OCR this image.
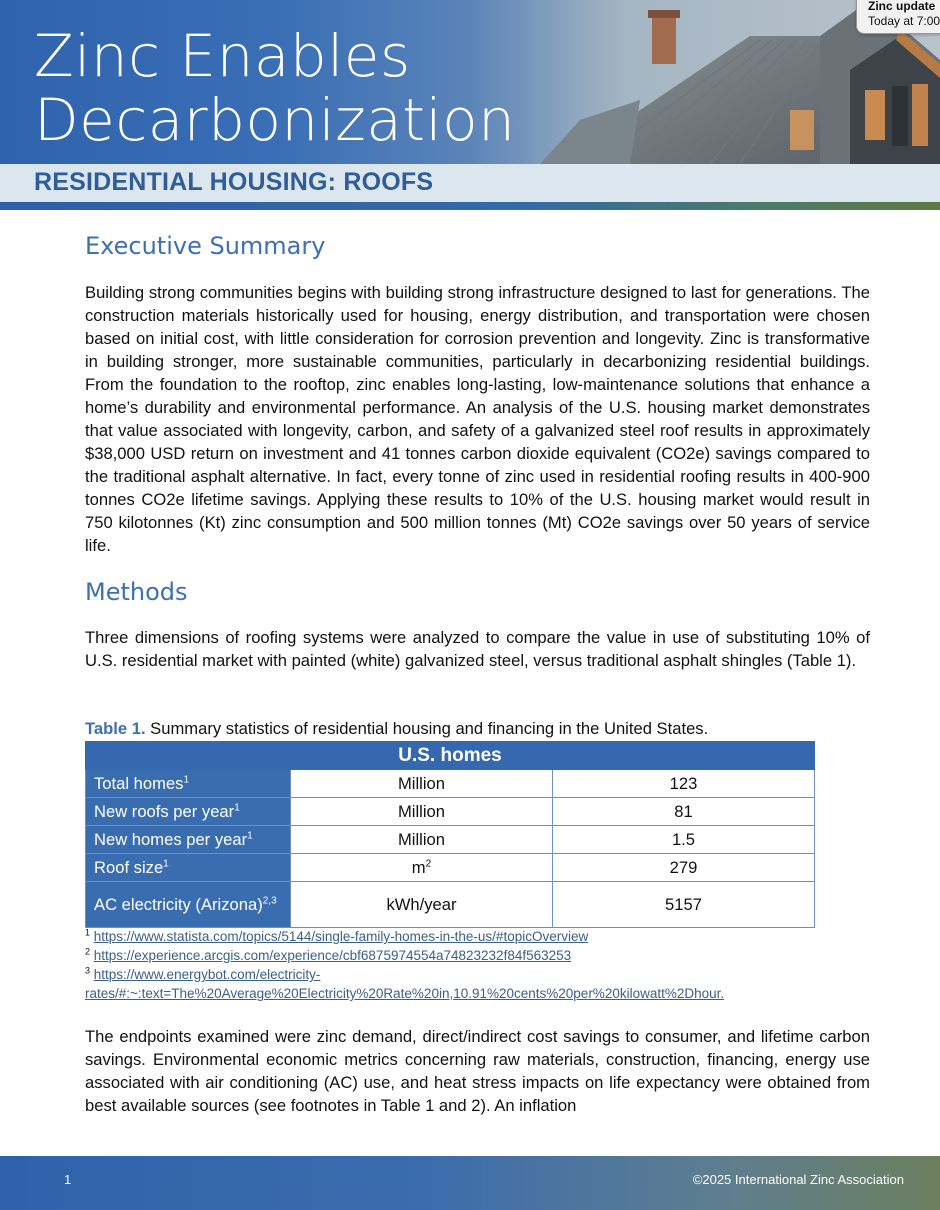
Zinc Enables
Decarbonization
Zinc update
Today at 7:00
RESIDENTIAL HOUSING: ROOFS
Executive Summary

Building strong communities begins with building strong infrastructure designed to last for generations. The construction materials historically used for housing, energy distribution, and transportation were chosen based on initial cost, with little consideration for corrosion prevention and longevity. Zinc is transformative in building stronger, more sustainable communities, particularly in decarbonizing residential buildings. From the foundation to the rooftop, zinc enables long-lasting, low-maintenance solutions that enhance a home’s durability and environmental performance. An analysis of the U.S. housing market demonstrates that value associated with longevity, carbon, and safety of a galvanized steel roof results in approximately $38,000 USD return on investment and 41 tonnes carbon dioxide equivalent (CO2e) savings compared to the traditional asphalt alternative. In fact, every tonne of zinc used in residential roofing results in 400-900 tonnes CO2e lifetime savings. Applying these results to 10% of the U.S. housing market would result in 750 kilotonnes (Kt) zinc consumption and 500 million tonnes (Mt) CO2e savings over 50 years of service life.

Methods

Three dimensions of roofing systems were analyzed to compare the value in use of substituting 10% of U.S. residential market with painted (white) galvanized steel, versus traditional asphalt shingles (Table 1).

Table 1. Summary statistics of residential housing and financing in the United States.
U.S. homes		
Total homes$^1$	Million	123
New roofs per year$^1$	Million	81
New homes per year$^1$	Million	1.5
Roof size$^1$	$m^2$	279
AC electricity (Arizona)$^{2,3}$	kWh/year	5157
$^1$ https://www.statista.com/topics/5144/single-family-homes-in-the-us/#topicOverview
$^2$ https://experience.arcgis.com/experience/cbf6875974554a74823232f84f563253
$^3$ https://www.energybot.com/electricity-
rates/#:~:text=The%20Average%20Electricity%20Rate%20in,10.91%20cents%20per%20kilowatt%2Dhour.

The endpoints examined were zinc demand, direct/indirect cost savings to consumer, and lifetime carbon savings. Environmental economic metrics concerning raw materials, construction, financing, energy use associated with air conditioning (AC) use, and heat stress impacts on life expectancy were obtained from best available sources (see footnotes in Table 1 and 2). An inflation

1	©2025 International Zinc Association
